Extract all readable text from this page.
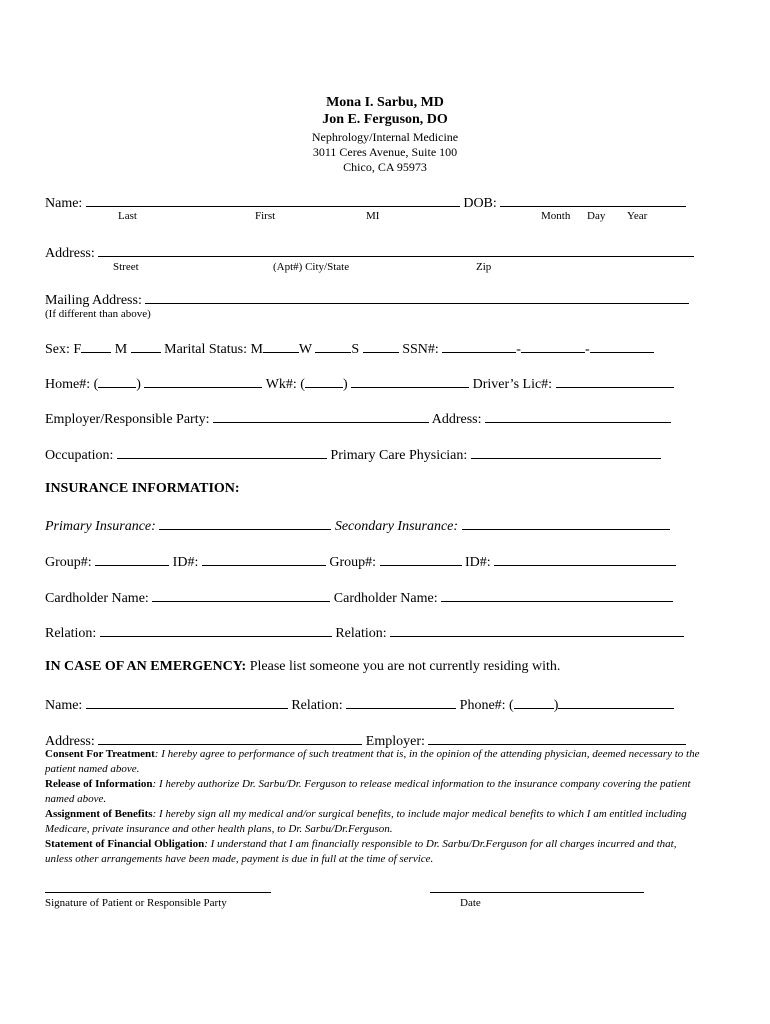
Mona I. Sarbu, MD
Jon E. Ferguson, DO
Nephrology/Internal Medicine
3011 Ceres Avenue, Suite 100
Chico, CA 95973
Name:	DOB:
Last	First	MI	Month Day Year
Address:
Street	(Apt#) City/State	Zip
Mailing Address:
(If different than above)
Sex: F M	Marital Status: M	W	S	SSN#:	-	-
Home#: (	)	Wk#: (	)	Driver’s Lic#:
Employer/Responsible Party:	Address:
Occupation:	Primary Care Physician:
INSURANCE INFORMATION:
Primary Insurance:	Secondary Insurance:
Group#:	ID#:	Group#:	ID#:
Cardholder Name:	Cardholder Name:
Relation:	Relation:
IN CASE OF AN EMERGENCY: Please list someone you are not currently residing with.
Name:	Relation:	Phone#: (	)
Address:	Employer:
Consent For Treatment: I hereby agree to performance of such treatment that is, in the opinion of the attending physician, deemed necessary to the patient named above.
Release of Information: I hereby authorize Dr. Sarbu/Dr. Ferguson to release medical information to the insurance company covering the patient named above.
Assignment of Benefits: I hereby sign all my medical and/or surgical benefits, to include major medical benefits to which I am entitled including Medicare, private insurance and other health plans, to Dr. Sarbu/Dr.Ferguson.
Statement of Financial Obligation: I understand that I am financially responsible to Dr. Sarbu/Dr.Ferguson for all charges incurred and that, unless other arrangements have been made, payment is due in full at the time of service.
Signature of Patient or Responsible Party	Date
